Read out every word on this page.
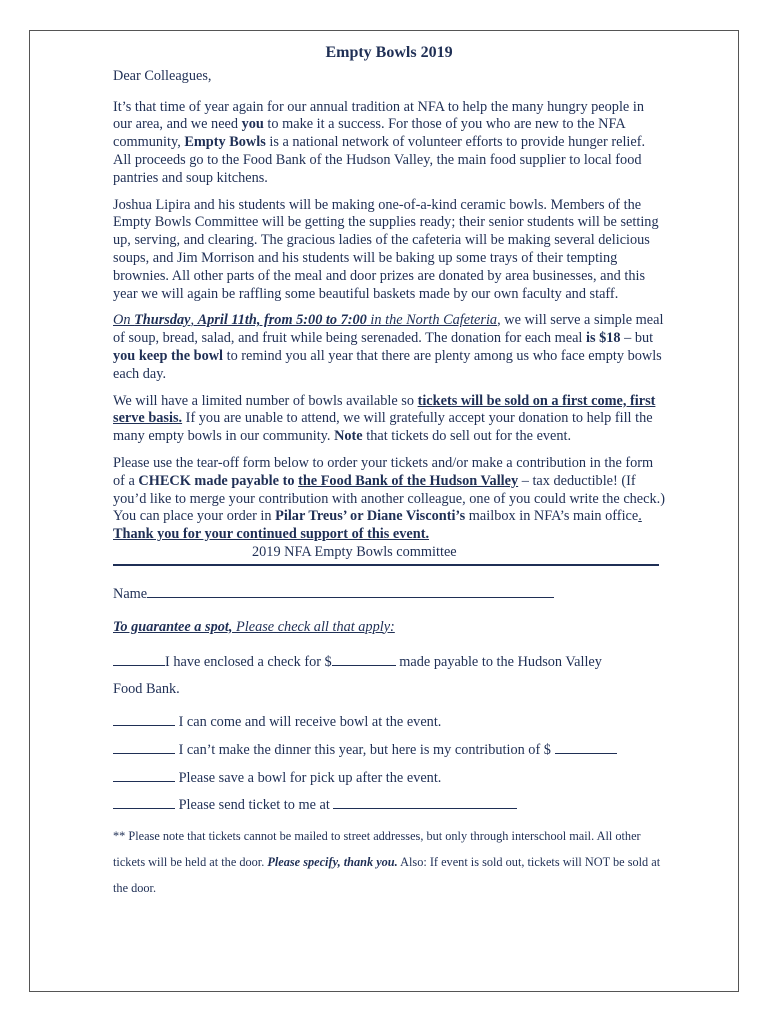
Empty Bowls 2019

Dear Colleagues,

It’s that time of year again for our annual tradition at NFA to help the many hungry people in our area, and we need you to make it a success. For those of you who are new to the NFA community, Empty Bowls is a national network of volunteer efforts to provide hunger relief. All proceeds go to the Food Bank of the Hudson Valley, the main food supplier to local food pantries and soup kitchens.

Joshua Lipira and his students will be making one-of-a-kind ceramic bowls. Members of the Empty Bowls Committee will be getting the supplies ready; their senior students will be setting up, serving, and clearing. The gracious ladies of the cafeteria will be making several delicious soups, and Jim Morrison and his students will be baking up some trays of their tempting brownies. All other parts of the meal and door prizes are donated by area businesses, and this year we will again be raffling some beautiful baskets made by our own faculty and staff.

On Thursday, April 11th, from 5:00 to 7:00 in the North Cafeteria, we will serve a simple meal of soup, bread, salad, and fruit while being serenaded. The donation for each meal is $18 – but you keep the bowl to remind you all year that there are plenty among us who face empty bowls each day.

We will have a limited number of bowls available so tickets will be sold on a first come, first serve basis. If you are unable to attend, we will gratefully accept your donation to help fill the many empty bowls in our community. Note that tickets do sell out for the event.

Please use the tear-off form below to order your tickets and/or make a contribution in the form of a CHECK made payable to the Food Bank of the Hudson Valley – tax deductible! (If you’d like to merge your contribution with another colleague, one of you could write the check.) You can place your order in Pilar Treus’ or Diane Visconti’s mailbox in NFA’s main office. Thank you for your continued support of this event.

2019 NFA Empty Bowls committee

Name

To guarantee a spot, Please check all that apply:

I have enclosed a check for $	made payable to the Hudson Valley

Food Bank.

I can come and will receive bowl at the event.

I can’t make the dinner this year, but here is my contribution of $

Please save a bowl for pick up after the event.

Please send ticket to me at

** Please note that tickets cannot be mailed to street addresses, but only through interschool mail. All other tickets will be held at the door. Please specify, thank you. Also: If event is sold out, tickets will NOT be sold at the door.
